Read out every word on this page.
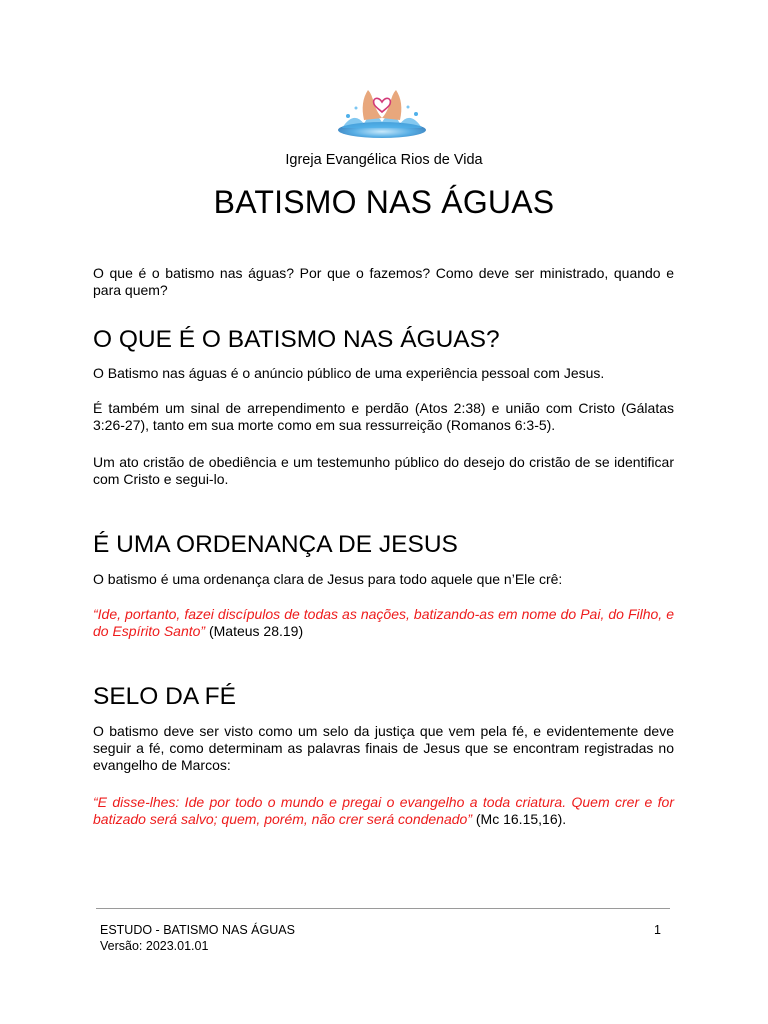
Igreja Evangélica Rios de Vida
BATISMO NAS ÁGUAS

O que é o batismo nas águas? Por que o fazemos? Como deve ser ministrado, quando e para quem?

O QUE É O BATISMO NAS ÁGUAS?

O Batismo nas águas é o anúncio público de uma experiência pessoal com Jesus.

É também um sinal de arrependimento e perdão (Atos 2:38) e união com Cristo (Gálatas 3:26-27), tanto em sua morte como em sua ressurreição (Romanos 6:3-5).

Um ato cristão de obediência e um testemunho público do desejo do cristão de se identificar com Cristo e segui-lo.

É UMA ORDENANÇA DE JESUS

O batismo é uma ordenança clara de Jesus para todo aquele que n’Ele crê:

“Ide, portanto, fazei discípulos de todas as nações, batizando-as em nome do Pai, do Filho, e do Espírito Santo” (Mateus 28.19)

SELO DA FÉ

O batismo deve ser visto como um selo da justiça que vem pela fé, e evidentemente deve seguir a fé, como determinam as palavras finais de Jesus que se encontram registradas no evangelho de Marcos:

“E disse-lhes: Ide por todo o mundo e pregai o evangelho a toda criatura. Quem crer e for batizado será salvo; quem, porém, não crer será condenado” (Mc 16.15,16).

ESTUDO - BATISMO NAS ÁGUAS
Versão: 2023.01.01
1
